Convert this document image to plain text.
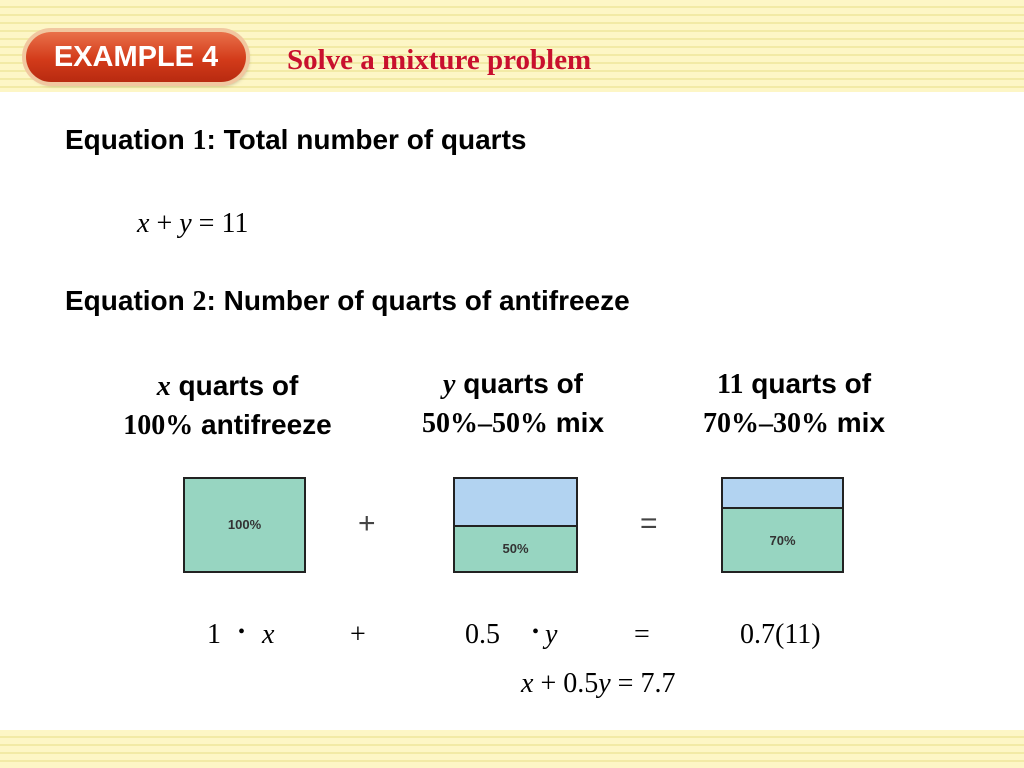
EXAMPLE 4	Solve a mixture problem
Equation 1: Total number of quarts
x + y = 11
Equation 2: Number of quarts of antifreeze
x quarts of
100% antifreeze
y quarts of
50%–50% mix
11 quarts of
70%–30% mix
100%	+
50%
=
70%
1 • x	+	0.5 • y	=	0.7(11)
x + 0.5y = 7.7
